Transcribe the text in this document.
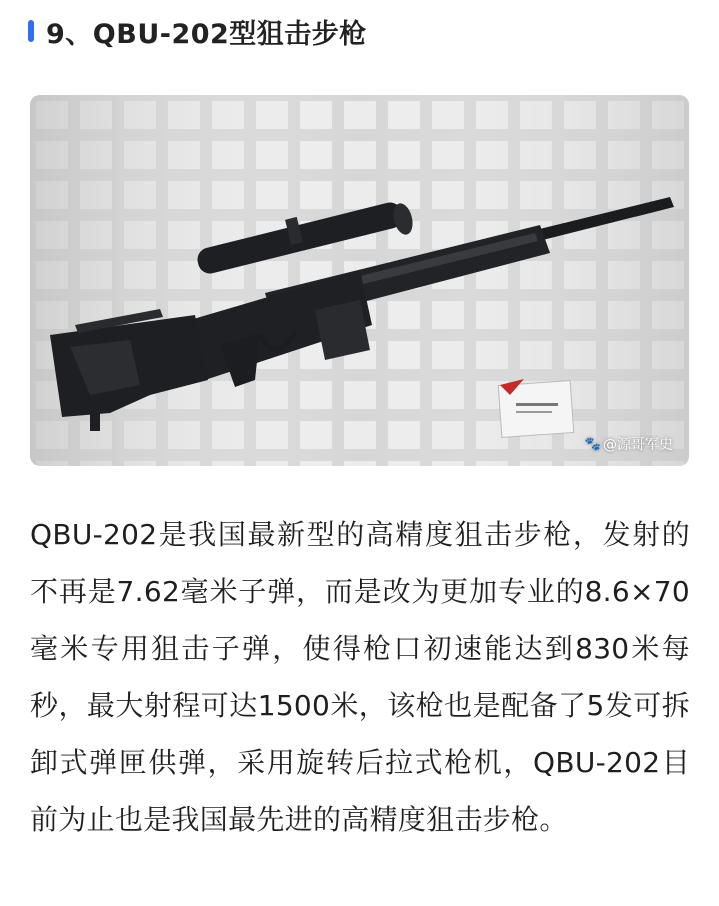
9、QBU-202型狙击步枪
🐾 @源哥军史
QBU-202是我国最新型的高精度狙击步枪，发射的不再是7.62毫米子弹，而是改为更加专业的8.6×70毫米专用狙击子弹，使得枪口初速能达到830米每秒，最大射程可达1500米，该枪也是配备了5发可拆卸式弹匣供弹，采用旋转后拉式枪机，QBU-202目前为止也是我国最先进的高精度狙击步枪。
